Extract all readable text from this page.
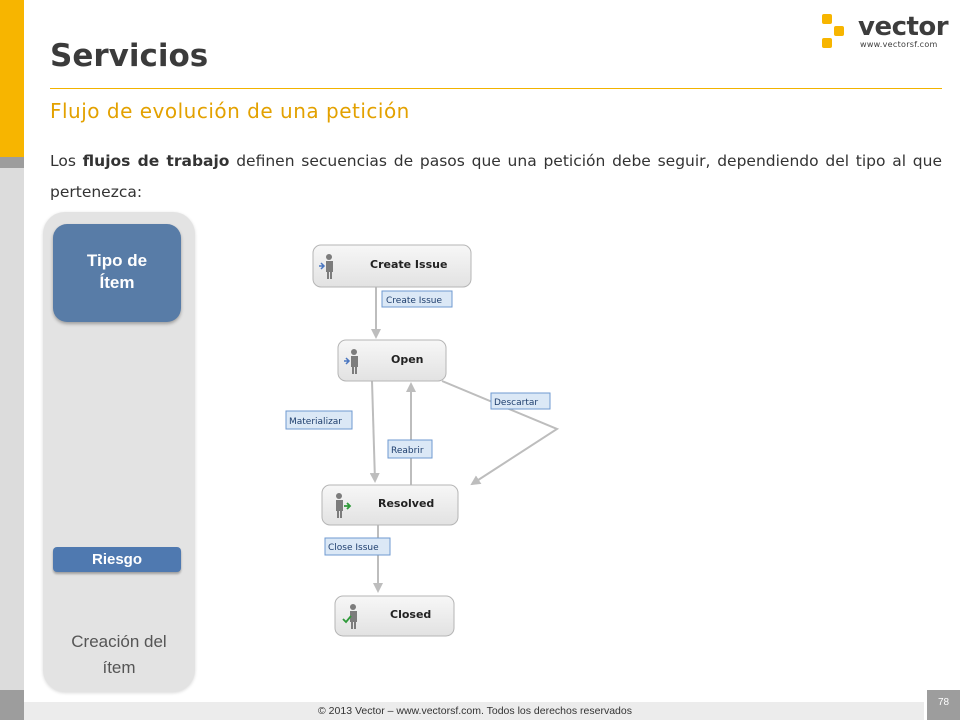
Servicios
vector
www.vectorsf.com
Flujo de evolución de una petición

Los flujos de trabajo definen secuencias de pasos que una petición debe seguir, dependiendo del tipo al que pertenezca:

Tipo de Ítem
Riesgo
Creación del ítem
Create Issue
Open
Resolved
Closed
Create Issue
Descartar
Materializar
Reabrir
Close Issue
© 2013 Vector – www.vectorsf.com. Todos los derechos reservados
78
